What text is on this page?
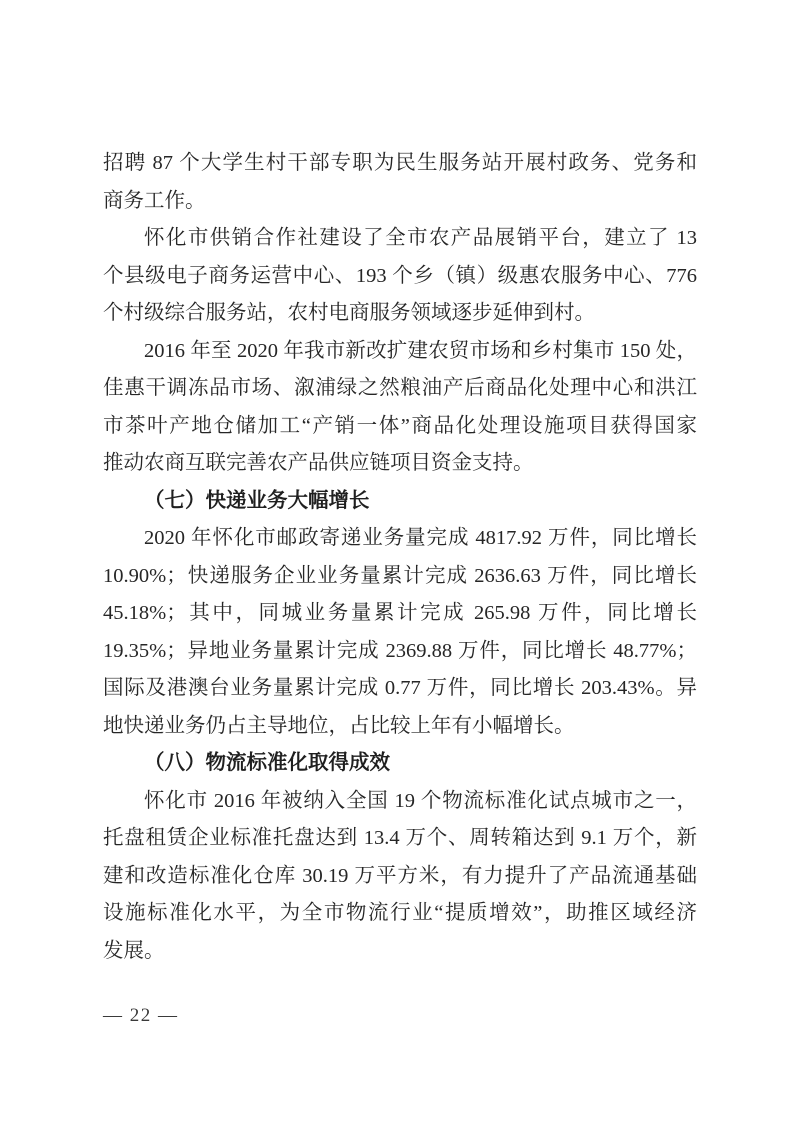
招聘 87 个大学生村干部专职为民生服务站开展村政务、党务和
商务工作。
怀化市供销合作社建设了全市农产品展销平台，建立了 13
个县级电子商务运营中心、193 个乡（镇）级惠农服务中心、776
个村级综合服务站，农村电商服务领域逐步延伸到村。
2016 年至 2020 年我市新改扩建农贸市场和乡村集市 150 处，
佳惠干调冻品市场、溆浦绿之然粮油产后商品化处理中心和洪江
市茶叶产地仓储加工“产销一体”商品化处理设施项目获得国家
推动农商互联完善农产品供应链项目资金支持。
（七）快递业务大幅增长
2020 年怀化市邮政寄递业务量完成 4817.92 万件，同比增长
10.90%；快递服务企业业务量累计完成 2636.63 万件，同比增长
45.18%；其中，同城业务量累计完成 265.98 万件，同比增长
19.35%；异地业务量累计完成 2369.88 万件，同比增长 48.77%；
国际及港澳台业务量累计完成 0.77 万件，同比增长 203.43%。异
地快递业务仍占主导地位，占比较上年有小幅增长。
（八）物流标准化取得成效
怀化市 2016 年被纳入全国 19 个物流标准化试点城市之一，
托盘租赁企业标准托盘达到 13.4 万个、周转箱达到 9.1 万个，新
建和改造标准化仓库 30.19 万平方米，有力提升了产品流通基础
设施标准化水平，为全市物流行业“提质增效”，助推区域经济
发展。
— 22 —
